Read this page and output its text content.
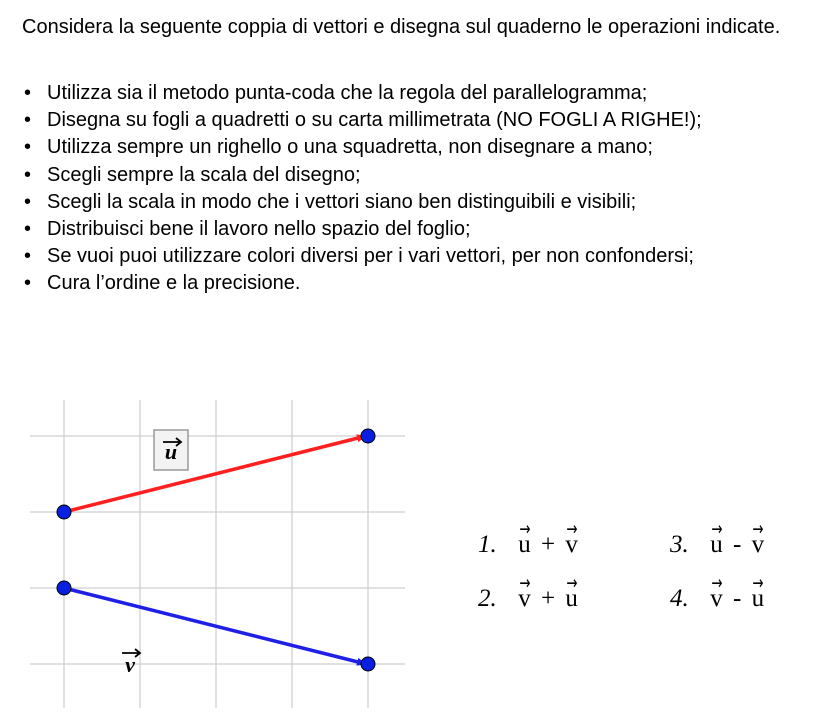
Considera la seguente coppia di vettori e disegna sul quaderno le operazioni indicate.
• Utilizza sia il metodo punta-coda che la regola del parallelogramma;
• Disegna su fogli a quadretti o su carta millimetrata (NO FOGLI A RIGHE!);
• Utilizza sempre un righello o una squadretta, non disegnare a mano;
• Scegli sempre la scala del disegno;
• Scegli la scala in modo che i vettori siano ben distinguibili e visibili;
• Distribuisci bene il lavoro nello spazio del foglio;
• Se vuoi puoi utilizzare colori diversi per i vari vettori, per non confondersi;
• Cura l’ordine e la precisione.
u
v
1. → u + → v
2. → v + → u
3. → u - → v
4. → v - → u
